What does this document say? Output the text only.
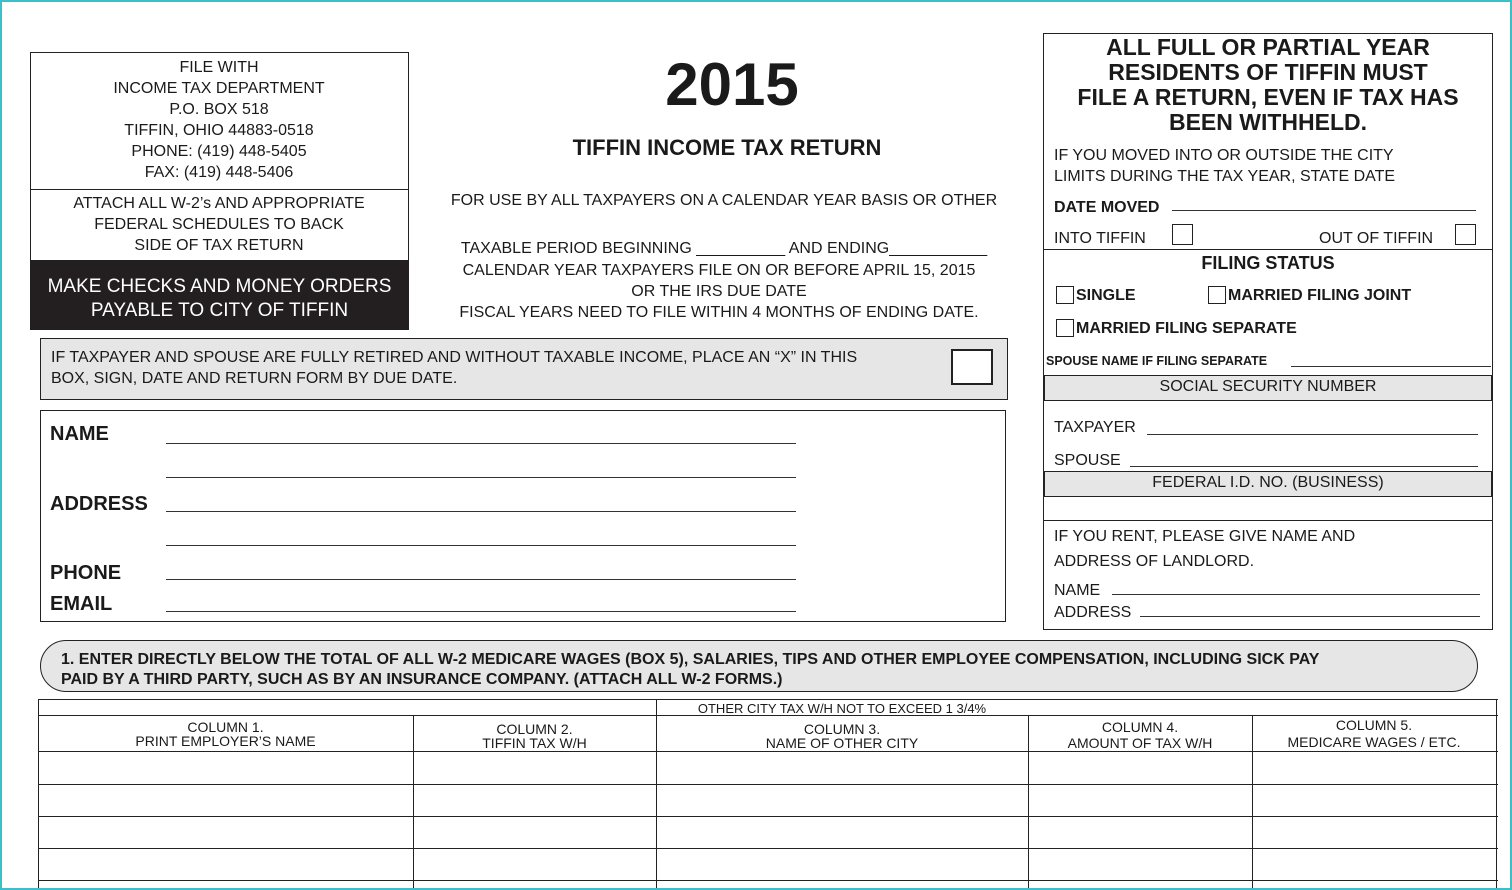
FILE WITH
INCOME TAX DEPARTMENT
P.O. BOX 518
TIFFIN, OHIO 44883-0518
PHONE: (419) 448-5405
FAX: (419) 448-5406
ATTACH ALL W-2’s AND APPROPRIATE
FEDERAL SCHEDULES TO BACK
SIDE OF TAX RETURN
MAKE CHECKS AND MONEY ORDERS
PAYABLE TO CITY OF TIFFIN
2015
TIFFIN INCOME TAX RETURN
FOR USE BY ALL TAXPAYERS ON A CALENDAR YEAR BASIS OR OTHER
TAXABLE PERIOD BEGINNING __________ AND ENDING___________
CALENDAR YEAR TAXPAYERS FILE ON OR BEFORE APRIL 15, 2015
OR THE IRS DUE DATE
FISCAL YEARS NEED TO FILE WITHIN 4 MONTHS OF ENDING DATE.
IF TAXPAYER AND SPOUSE ARE FULLY RETIRED AND WITHOUT TAXABLE INCOME, PLACE AN “X” IN THIS
BOX, SIGN, DATE AND RETURN FORM BY DUE DATE.
NAME
ADDRESS
PHONE
EMAIL
ALL FULL OR PARTIAL YEAR
RESIDENTS OF TIFFIN MUST
FILE A RETURN, EVEN IF TAX HAS
BEEN WITHHELD.
IF YOU MOVED INTO OR OUTSIDE THE CITY
LIMITS DURING THE TAX YEAR, STATE DATE
DATE MOVED
INTO TIFFIN	OUT OF TIFFIN
FILING STATUS
SINGLE	MARRIED FILING JOINT
MARRIED FILING SEPARATE
SPOUSE NAME IF FILING SEPARATE
SOCIAL SECURITY NUMBER
TAXPAYER
SPOUSE
FEDERAL I.D. NO. (BUSINESS)
IF YOU RENT, PLEASE GIVE NAME AND
ADDRESS OF LANDLORD.
NAME
ADDRESS
1. ENTER DIRECTLY BELOW THE TOTAL OF ALL W-2 MEDICARE WAGES (BOX 5), SALARIES, TIPS AND OTHER EMPLOYEE COMPENSATION, INCLUDING SICK PAY
PAID BY A THIRD PARTY, SUCH AS BY AN INSURANCE COMPANY. (ATTACH ALL W-2 FORMS.)
OTHER CITY TAX W/H NOT TO EXCEED 1 3/4%
COLUMN 1.
PRINT EMPLOYER’S NAME
COLUMN 2.
TIFFIN TAX W/H
COLUMN 3.
NAME OF OTHER CITY
COLUMN 4.
AMOUNT OF TAX W/H
COLUMN 5.
MEDICARE WAGES / ETC.
